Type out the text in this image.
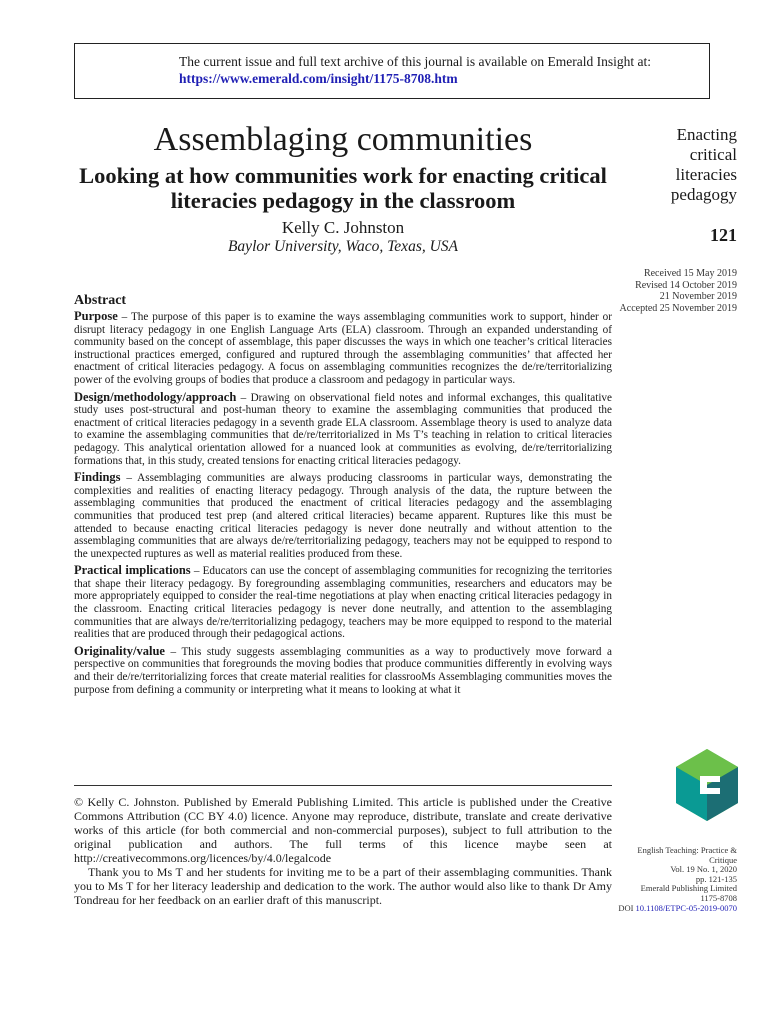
The current issue and full text archive of this journal is available on Emerald Insight at:
https://www.emerald.com/insight/1175-8708.htm
Assemblaging communities
Looking at how communities work for enacting critical literacies pedagogy in the classroom
Kelly C. Johnston
Baylor University, Waco, Texas, USA
Enacting
critical
literacies
pedagogy
121
Received 15 May 2019
Revised 14 October 2019
21 November 2019
Accepted 25 November 2019
Abstract

Purpose – The purpose of this paper is to examine the ways assemblaging communities work to support, hinder or disrupt literacy pedagogy in one English Language Arts (ELA) classroom. Through an expanded understanding of community based on the concept of assemblage, this paper discusses the ways in which one teacher’s critical literacies instructional practices emerged, configured and ruptured through the assemblaging communities’ that affected her enactment of critical literacies pedagogy. A focus on assemblaging communities recognizes the de/re/territorializing power of the evolving groups of bodies that produce a classroom and pedagogy in particular ways.

Design/methodology/approach – Drawing on observational field notes and informal exchanges, this qualitative study uses post-structural and post-human theory to examine the assemblaging communities that produced the enactment of critical literacies pedagogy in a seventh grade ELA classroom. Assemblage theory is used to analyze data to examine the assemblaging communities that de/re/territorialized in Ms T’s teaching in relation to critical literacies pedagogy. This analytical orientation allowed for a nuanced look at communities as evolving, de/re/territorializing formations that, in this study, created tensions for enacting critical literacies pedagogy.

Findings – Assemblaging communities are always producing classrooms in particular ways, demonstrating the complexities and realities of enacting literacy pedagogy. Through analysis of the data, the rupture between the assemblaging communities that produced the enactment of critical literacies pedagogy and the assemblaging communities that produced test prep (and altered critical literacies) became apparent. Ruptures like this must be attended to because enacting critical literacies pedagogy is never done neutrally and without attention to the assemblaging communities that are always de/re/territorializing pedagogy, teachers may not be equipped to respond to the unexpected ruptures as well as material realities produced from these.

Practical implications – Educators can use the concept of assemblaging communities for recognizing the territories that shape their literacy pedagogy. By foregrounding assemblaging communities, researchers and educators may be more appropriately equipped to consider the real-time negotiations at play when enacting critical literacies pedagogy in the classroom. Enacting critical literacies pedagogy is never done neutrally, and attention to the assemblaging communities that are always de/re/territorializing pedagogy, teachers may be more equipped to respond to the material realities that are produced through their pedagogical actions.

Originality/value – This study suggests assemblaging communities as a way to productively move forward a perspective on communities that foregrounds the moving bodies that produce communities differently in evolving ways and their de/re/territorializing forces that create material realities for classrooMs Assemblaging communities moves the purpose from defining a community or interpreting what it means to looking at what it

© Kelly C. Johnston. Published by Emerald Publishing Limited. This article is published under the Creative Commons Attribution (CC BY 4.0) licence. Anyone may reproduce, distribute, translate and create derivative works of this article (for both commercial and non-commercial purposes), subject to full attribution to the original publication and authors. The full terms of this licence maybe seen at http://creativecommons.org/licences/by/4.0/legalcode

Thank you to Ms T and her students for inviting me to be a part of their assemblaging communities. Thank you to Ms T for her literacy leadership and dedication to the work. The author would also like to thank Dr Amy Tondreau for her feedback on an earlier draft of this manuscript.

English Teaching: Practice &
Critique
Vol. 19 No. 1, 2020
pp. 121-135
Emerald Publishing Limited
1175-8708
DOI 10.1108/ETPC-05-2019-0070
